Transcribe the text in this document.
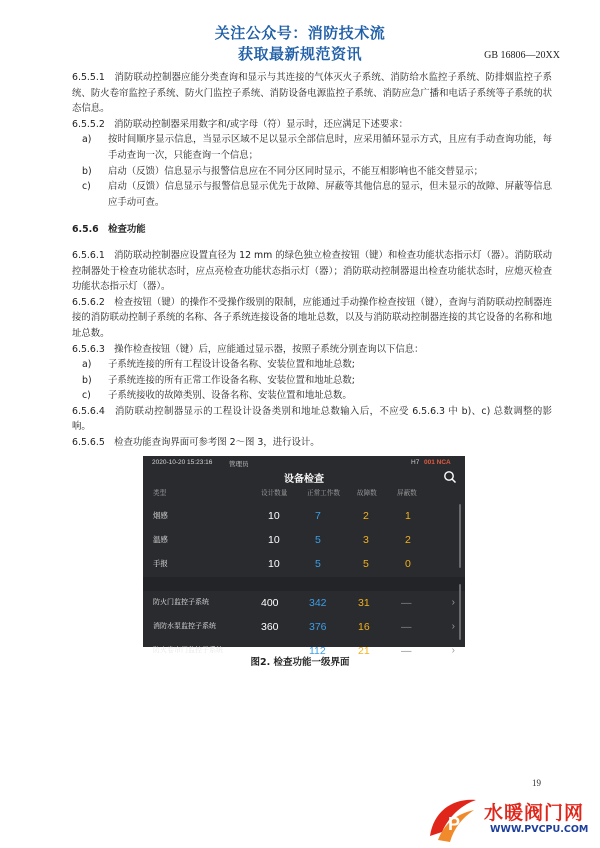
关注公众号：消防技术流
获取最新规范资讯	GB 16806—20XX

6.5.5.1　消防联动控制器应能分类查询和显示与其连接的气体灭火子系统、消防给水监控子系统、防排烟监控子系统、防火卷帘监控子系统、防火门监控子系统、消防设备电源监控子系统、消防应急广播和电话子系统等子系统的状态信息。

6.5.5.2　消防联动控制器采用数字和/或字母（符）显示时，还应满足下述要求：

a)	按时间顺序显示信息，当显示区域不足以显示全部信息时，应采用循环显示方式，且应有手动查询功能，每手动查询一次，只能查询一个信息；
b)	启动（反馈）信息显示与报警信息应在不同分区同时显示，不能互相影响也不能交替显示；
c)	启动（反馈）信息显示与报警信息显示优先于故障、屏蔽等其他信息的显示，但未显示的故障、屏蔽等信息应手动可查。

6.5.6　检查功能

6.5.6.1　消防联动控制器应设置直径为 12 mm 的绿色独立检查按钮（键）和检查功能状态指示灯（器）。消防联动控制器处于检查功能状态时，应点亮检查功能状态指示灯（器）；消防联动控制器退出检查功能状态时，应熄灭检查功能状态指示灯（器）。

6.5.6.2　检查按钮（键）的操作不受操作级别的限制，应能通过手动操作检查按钮（键），查询与消防联动控制器连接的消防联动控制子系统的名称、各子系统连接设备的地址总数，以及与消防联动控制器连接的其它设备的名称和地址总数。

6.5.6.3　操作检查按钮（键）后，应能通过显示器，按照子系统分别查询以下信息：

a)	子系统连接的所有工程设计设备名称、安装位置和地址总数;
b)	子系统连接的所有正常工作设备名称、安装位置和地址总数;
c)	子系统接收的故障类别、设备名称、安装位置和地址总数。

6.5.6.4　消防联动控制器显示的工程设计设备类别和地址总数输入后，不应受 6.5.6.3 中 b)、c) 总数调整的影响。

6.5.6.5　检查功能查询界面可参考图 2～图 3，进行设计。

2020-10-20 15:23:16	管理员	H7 001 NCA
设备检查
类型	设计数量	正常工作数	故障数	屏蔽数
烟感	10	7	2	1
温感	10	5	3	2
手报	10	5	5	0
防火门监控子系统	400	342	31	—	›
消防水泵监控子系统	360	376	16	—	›
防火卷帘门监控子系统	160	112	21	—	›
图2. 检查功能一级界面
19
P 水暖阀门网
WWW.PVCPU.COM
